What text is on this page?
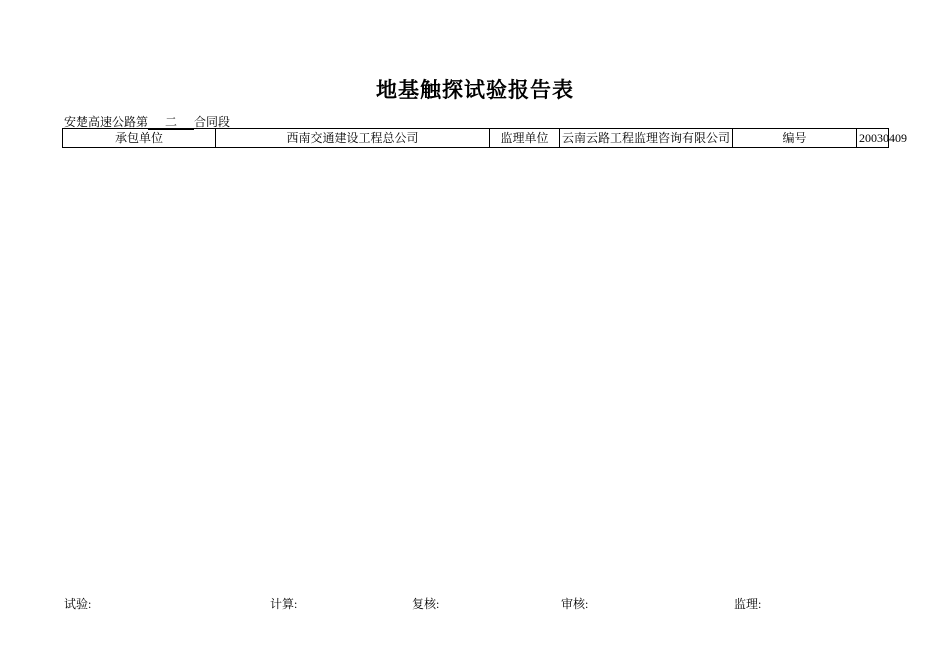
地基触探试验报告表
安楚高速公路第 二 合同段
承包单位	西南交通建设工程总公司	监理单位	云南云路工程监理咨询有限公司	编号	20030409
试验:	计算:	复核:	审核:	监理:
